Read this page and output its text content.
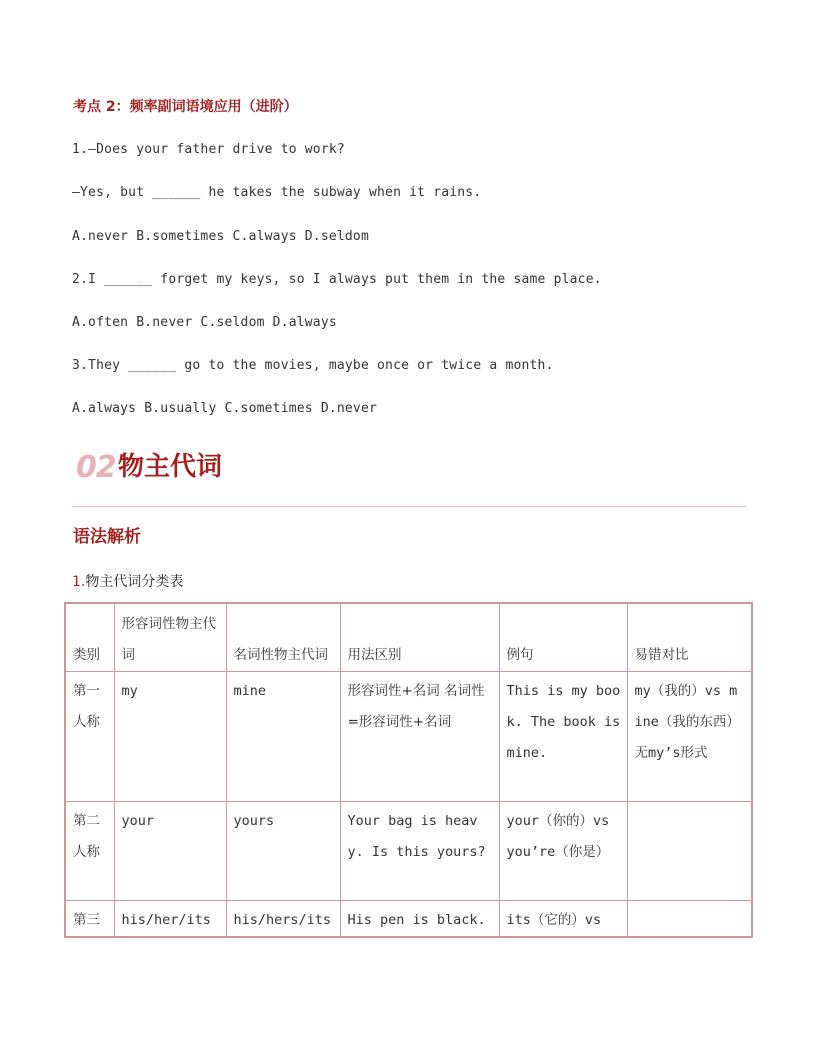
考点 2：频率副词语境应用（进阶）
1.—Does your father drive to work?
—Yes, but ______ he takes the subway when it rains.
A.never B.sometimes C.always D.seldom
2.I ______ forget my keys, so I always put them in the same place.
A.often B.never C.seldom D.always
3.They ______ go to the movies, maybe once or twice a month.
A.always B.usually C.sometimes D.never
02 物主代词
语法解析
1.物主代词分类表
类别	形容词性物主代词	名词性物主代词	用法区别	例句	易错对比
第一人称	my	mine	形容词性+名词 名词性=形容词性+名词	This is my book. The book is mine.	my（我的）vs mine（我的东西） 无my’s形式
第二人称	your	yours	Your bag is heavy. Is this yours?	your（你的）vs you’re（你是）	
第三	his/her/its	his/hers/its	His pen is black.	its（它的）vs	
